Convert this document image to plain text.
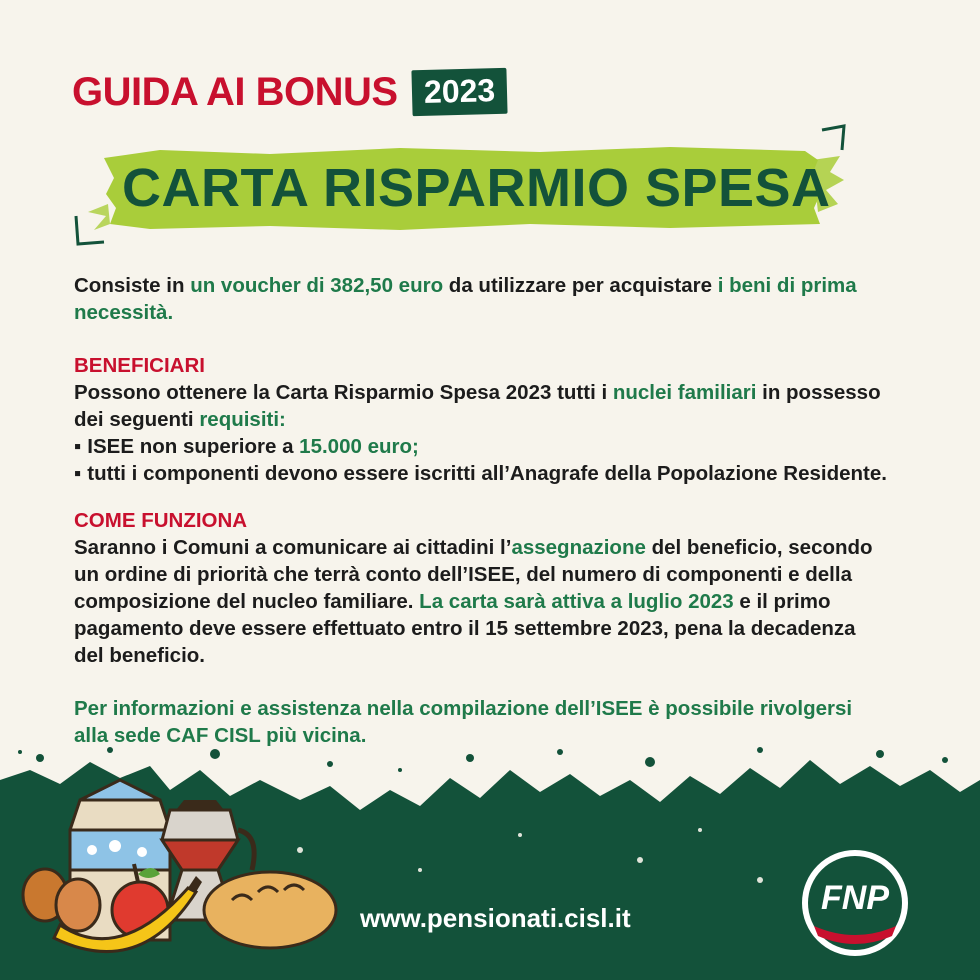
GUIDA AI BONUS 2023
CARTA RISPARMIO SPESA

Consiste in un voucher di 382,50 euro da utilizzare per acquistare i beni di prima necessità.

BENEFICIARI

Possono ottenere la Carta Risparmio Spesa 2023 tutti i nuclei familiari in possesso

dei seguenti requisiti:

▪ ISEE non superiore a 15.000 euro;

▪ tutti i componenti devono essere iscritti all’Anagrafe della Popolazione Residente.

COME FUNZIONA

Saranno i Comuni a comunicare ai cittadini l’assegnazione del beneficio, secondo

un ordine di priorità che terrà conto dell’ISEE, del numero di componenti e della

composizione del nucleo familiare. La carta sarà attiva a luglio 2023 e il primo

pagamento deve essere effettuato entro il 15 settembre 2023, pena la decadenza

del beneficio.

Per informazioni e assistenza nella compilazione dell’ISEE è possibile rivolgersi

alla sede CAF CISL più vicina.

www.pensionati.cisl.it
FNP
